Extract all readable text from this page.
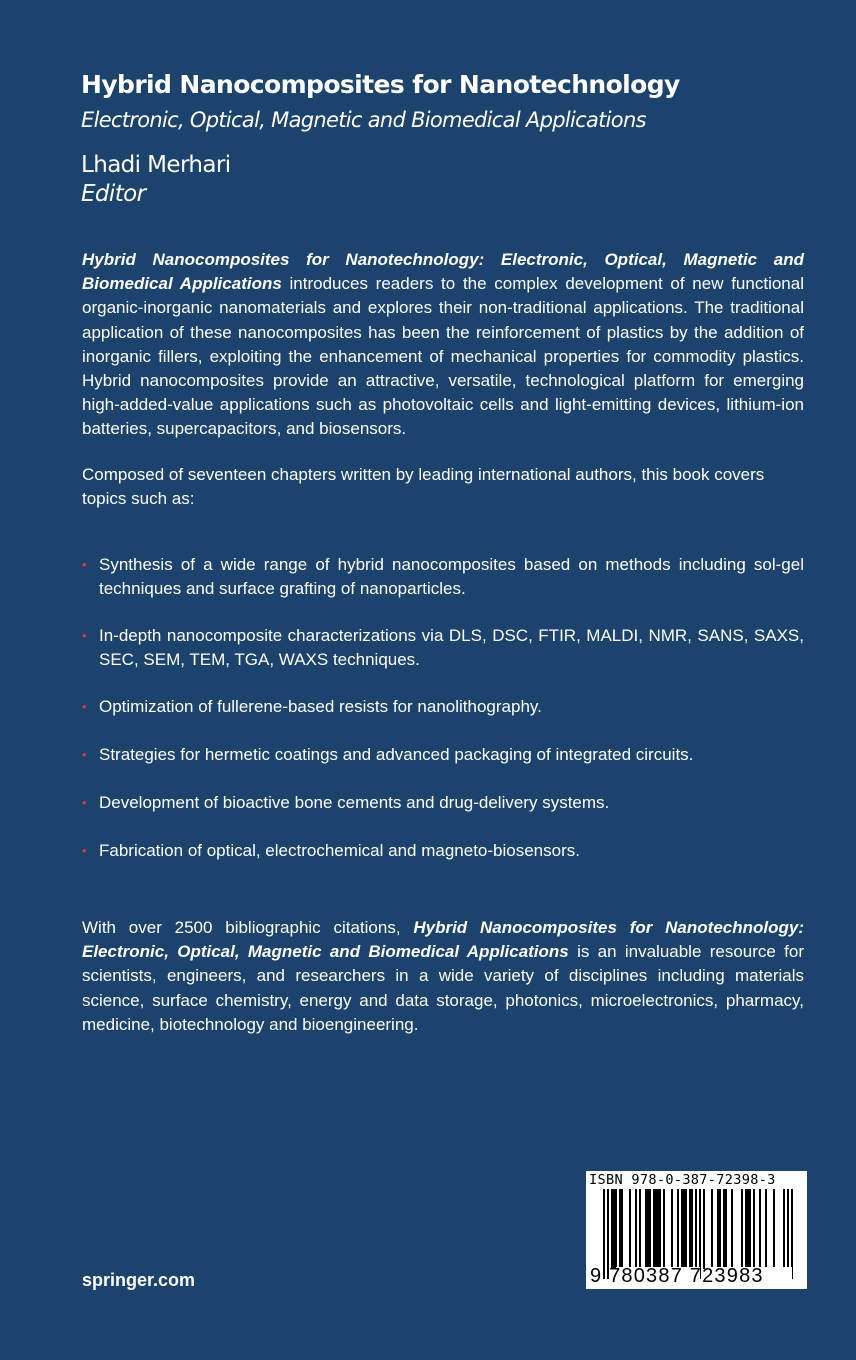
Hybrid Nanocomposites for Nanotechnology
Electronic, Optical, Magnetic and Biomedical Applications
Lhadi Merhari
Editor

Hybrid Nanocomposites for Nanotechnology: Electronic, Optical, Magnetic and Biomedical Applications introduces readers to the complex development of new functional organic-inorganic nanomaterials and explores their non-traditional applications. The traditional application of these nanocomposites has been the reinforcement of plastics by the addition of inorganic fillers, exploiting the enhancement of mechanical properties for commodity plastics. Hybrid nanocomposites provide an attractive, versatile, technological platform for emerging high-added-value applications such as photovoltaic cells and light-emitting devices, lithium-ion batteries, supercapacitors, and biosensors.

Composed of seventeen chapters written by leading international authors, this book covers topics such as:

• Synthesis of a wide range of hybrid nanocomposites based on methods including sol-gel techniques and surface grafting of nanoparticles.
• In-depth nanocomposite characterizations via DLS, DSC, FTIR, MALDI, NMR, SANS, SAXS, SEC, SEM, TEM, TGA, WAXS techniques.
• Optimization of fullerene-based resists for nanolithography.
• Strategies for hermetic coatings and advanced packaging of integrated circuits.
• Development of bioactive bone cements and drug-delivery systems.
• Fabrication of optical, electrochemical and magneto-biosensors.

With over 2500 bibliographic citations, Hybrid Nanocomposites for Nanotechnology: Electronic, Optical, Magnetic and Biomedical Applications is an invaluable resource for scientists, engineers, and researchers in a wide variety of disciplines including materials science, surface chemistry, energy and data storage, photonics, microelectronics, pharmacy, medicine, biotechnology and bioengineering.

springer.com
ISBN 978-0-387-72398-3
9 780387 723983
